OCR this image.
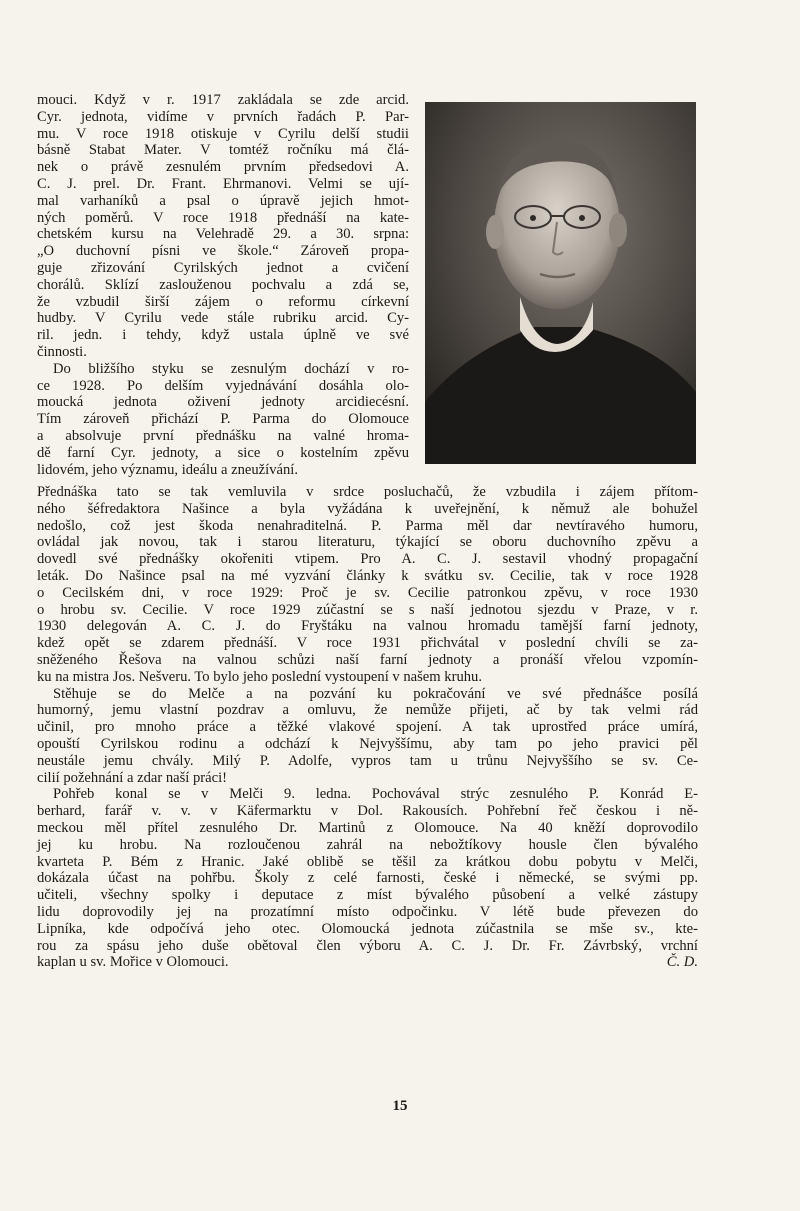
mouci. Když v r. 1917 zakládala se zde arcid.
Cyr. jednota, vidíme v prvních řadách P. Par-
mu. V roce 1918 otiskuje v Cyrilu delší studii
básně Stabat Mater. V tomtéž ročníku má člá-
nek o právě zesnulém prvním předsedovi A.
C. J. prel. Dr. Frant. Ehrmanovi. Velmi se ují-
mal varhaníků a psal o úpravě jejich hmot-
ných poměrů. V roce 1918 přednáší na kate-
chetském kursu na Velehradě 29. a 30. srpna:
„O duchovní písni ve škole.“ Zároveň propa-
guje zřizování Cyrilských jednot a cvičení
chorálů. Sklízí zaslouženou pochvalu a zdá se,
že vzbudil širší zájem o reformu církevní
hudby. V Cyrilu vede stále rubriku arcid. Cy-
ril. jedn. i tehdy, když ustala úplně ve své
činnosti.
Do bližšího styku se zesnulým dochází v ro-
ce 1928. Po delším vyjednávání dosáhla olo-
moucká jednota oživení jednoty arcidiecésní.
Tím zároveň přichází P. Parma do Olomouce
a absolvuje první přednášku na valné hroma-
dě farní Cyr. jednoty, a sice o kostelním zpěvu
lidovém, jeho významu, ideálu a zneužívání.
Přednáška tato se tak vemluvila v srdce posluchačů, že vzbudila i zájem přítom-
ného šéfredaktora Našince a byla vyžádána k uveřejnění, k němuž ale bohužel
nedošlo, což jest škoda nenahraditelná. P. Parma měl dar nevtíravého humoru,
ovládal jak novou, tak i starou literaturu, týkající se oboru duchovního zpěvu a
dovedl své přednášky okořeniti vtipem. Pro A. C. J. sestavil vhodný propagační
leták. Do Našince psal na mé vyzvání články k svátku sv. Cecilie, tak v roce 1928
o Cecilském dni, v roce 1929: Proč je sv. Cecilie patronkou zpěvu, v roce 1930
o hrobu sv. Cecilie. V roce 1929 zúčastní se s naší jednotou sjezdu v Praze, v r.
1930 delegován A. C. J. do Fryštáku na valnou hromadu tamější farní jednoty,
kdež opět se zdarem přednáší. V roce 1931 přichvátal v poslední chvíli se za-
sněženého Řešova na valnou schůzi naší farní jednoty a pronáší vřelou vzpomín-
ku na mistra Jos. Nešveru. To bylo jeho poslední vystoupení v našem kruhu.
Stěhuje se do Melče a na pozvání ku pokračování ve své přednášce posílá
humorný, jemu vlastní pozdrav a omluvu, že nemůže přijeti, ač by tak velmi rád
učinil, pro mnoho práce a těžké vlakové spojení. A tak uprostřed práce umírá,
opouští Cyrilskou rodinu a odchází k Nejvyššímu, aby tam po jeho pravici pěl
neustále jemu chvály. Milý P. Adolfe, vypros tam u trůnu Nejvyššího se sv. Ce-
cilií požehnání a zdar naší práci!
Pohřeb konal se v Melči 9. ledna. Pochovával strýc zesnulého P. Konrád E-
berhard, farář v. v. v Käfermarktu v Dol. Rakousích. Pohřební řeč českou i ně-
meckou měl přítel zesnulého Dr. Martinů z Olomouce. Na 40 kněží doprovodilo
jej ku hrobu. Na rozloučenou zahrál na nebožtíkovy housle člen bývalého
kvarteta P. Bém z Hranic. Jaké oblibě se těšil za krátkou dobu pobytu v Melči,
dokázala účast na pohřbu. Školy z celé farnosti, české i německé, se svými pp.
učiteli, všechny spolky i deputace z míst bývalého působení a velké zástupy
lidu doprovodily jej na prozatímní místo odpočinku. V létě bude převezen do
Lipníka, kde odpočívá jeho otec. Olomoucká jednota zúčastnila se mše sv., kte-
rou za spásu jeho duše obětoval člen výboru A. C. J. Dr. Fr. Závrbský, vrchní
kaplan u sv. Mořice v Olomouci.	Č. D.
15
